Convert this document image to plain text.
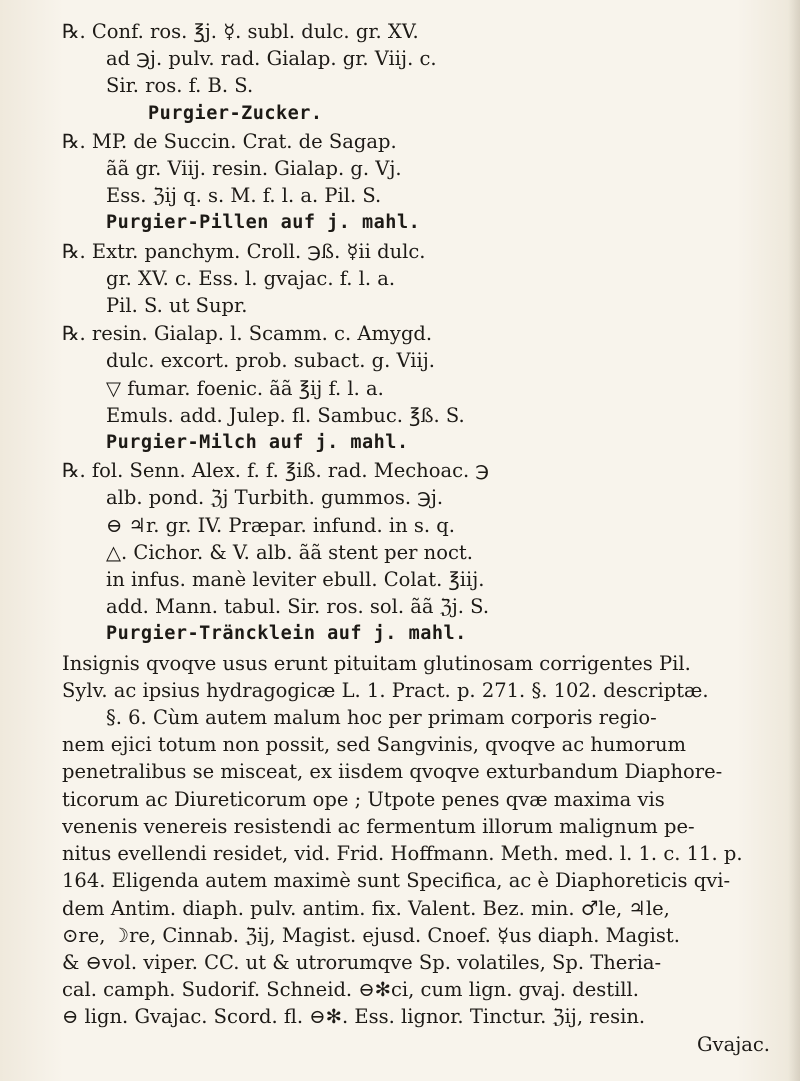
℞. Conf. ros. ℥j. ☿. subl. dulc. gr. XV.
ad ℈j. pulv. rad. Gialap. gr. Viij. c.
Sir. ros. f. B. S.
Purgier-Zucker.
℞. MP. de Succin. Crat. de Sagap.
ãã gr. Viij. resin. Gialap. g. Vj.
Ess. ℨij q. s. M. f. l. a. Pil. S.
Purgier-Pillen auf j. mahl.
℞. Extr. panchym. Croll. ℈ß. ☿ii dulc.
gr. XV. c. Ess. l. gvajac. f. l. a.
Pil. S. ut Supr.
℞. resin. Gialap. l. Scamm. c. Amygd.
dulc. excort. prob. subact. g. Viij.
▽ fumar. foenic. ãã ℥ij f. l. a.
Emuls. add. Julep. fl. Sambuc. ℥ß. S.
Purgier-Milch auf j. mahl.
℞. fol. Senn. Alex. f. f. ℥iß. rad. Mechoac. ℈
alb. pond. ℨj Turbith. gummos. ℈j.
⊖ ♃r. gr. IV. Præpar. infund. in s. q.
△. Cichor. & V. alb. ãã stent per noct.
in infus. manè leviter ebull. Colat. ℥iij.
add. Mann. tabul. Sir. ros. sol. ãã ℨj. S.
Purgier-Träncklein auf j. mahl.

Insignis qvoqve usus erunt pituitam glutinosam corrigentes Pil.
Sylv. ac ipsius hydragogicæ L. 1. Pract. p. 271. §. 102. descriptæ.

§. 6. Cùm autem malum hoc per primam corporis regio-
nem ejici totum non possit, sed Sangvinis, qvoqve ac humorum
penetralibus se misceat, ex iisdem qvoqve exturbandum Diaphore-
ticorum ac Diureticorum ope ; Utpote penes qvæ maxima vis
venenis venereis resistendi ac fermentum illorum malignum pe-
nitus evellendi residet, vid. Frid. Hoffmann. Meth. med. l. 1. c. 11. p.
164. Eligenda autem maximè sunt Specifica, ac è Diaphoreticis qvi-
dem Antim. diaph. pulv. antim. fix. Valent. Bez. min. ♂le, ♃le,
⊙re, ☽re, Cinnab. ℨij, Magist. ejusd. Cnoef. ☿us diaph. Magist.
& ⊖vol. viper. CC. ut & utrorumqve Sp. volatiles, Sp. Theria-
cal. camph. Sudorif. Schneid. ⊖✻ci, cum lign. gvaj. destill.
⊖ lign. Gvajac. Scord. fl. ⊖✻. Ess. lignor. Tinctur. ℨij, resin.
Gvajac.
